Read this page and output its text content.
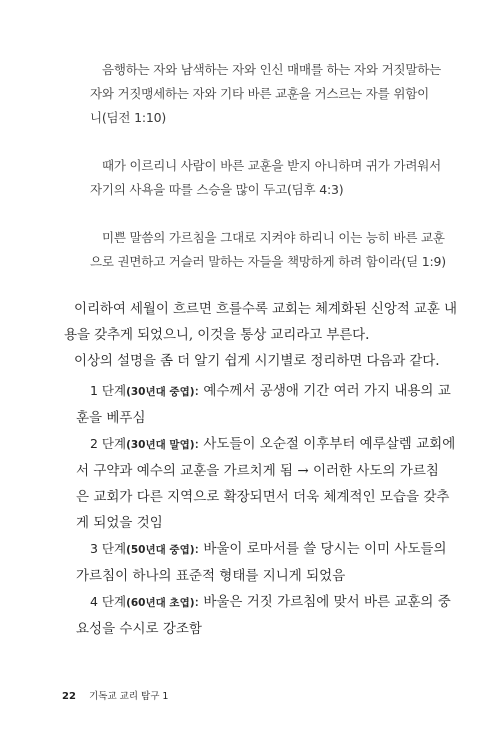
음행하는 자와 남색하는 자와 인신 매매를 하는 자와 거짓말하는
자와 거짓맹세하는 자와 기타 바른 교훈을 거스르는 자를 위함이
니(딤전 1:10)
때가 이르리니 사람이 바른 교훈을 받지 아니하며 귀가 가려워서
자기의 사욕을 따를 스승을 많이 두고(딤후 4:3)
미쁜 말씀의 가르침을 그대로 지켜야 하리니 이는 능히 바른 교훈
으로 권면하고 거슬러 말하는 자들을 책망하게 하려 함이라(딛 1:9)
이리하여 세월이 흐르면 흐를수록 교회는 체계화된 신앙적 교훈 내
용을 갖추게 되었으니, 이것을 통상 교리라고 부른다.
이상의 설명을 좀 더 알기 쉽게 시기별로 정리하면 다음과 같다.
1 단계(30년대 중엽): 예수께서 공생애 기간 여러 가지 내용의 교
훈을 베푸심
2 단계(30년대 말엽): 사도들이 오순절 이후부터 예루살렘 교회에
서 구약과 예수의 교훈을 가르치게 됨 → 이러한 사도의 가르침
은 교회가 다른 지역으로 확장되면서 더욱 체계적인 모습을 갖추
게 되었을 것임
3 단계(50년대 중엽): 바울이 로마서를 쓸 당시는 이미 사도들의
가르침이 하나의 표준적 형태를 지니게 되었음
4 단계(60년대 초엽): 바울은 거짓 가르침에 맞서 바른 교훈의 중
요성을 수시로 강조함
22 기독교 교리 탐구 1
